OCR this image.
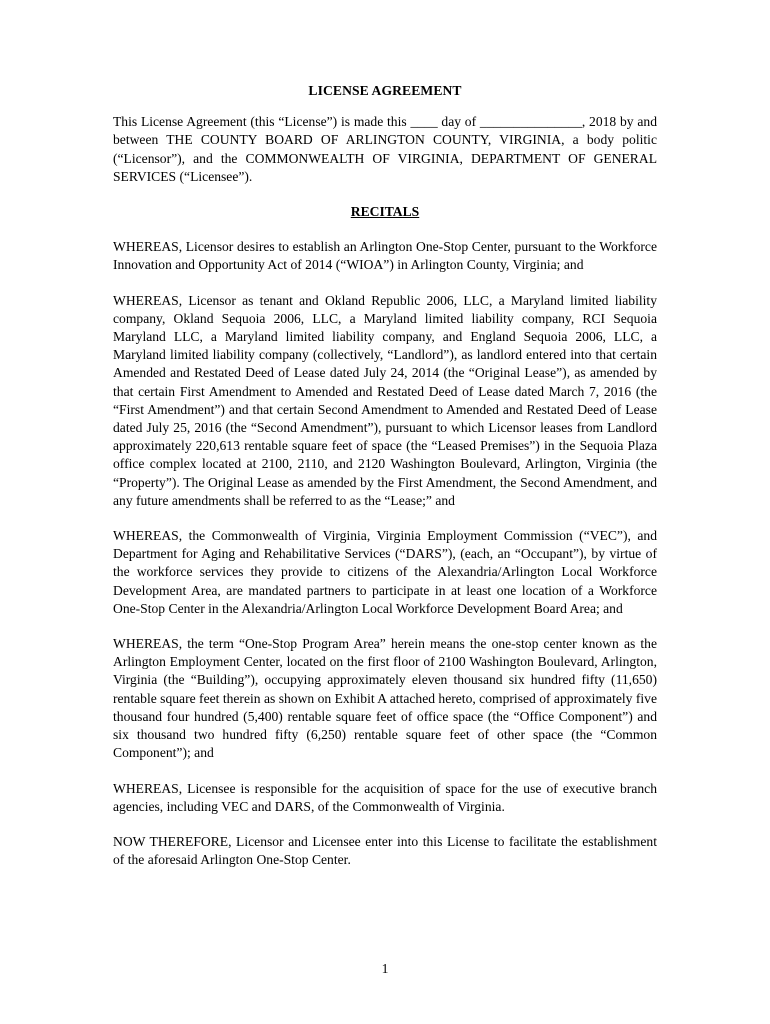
LICENSE AGREEMENT

This License Agreement (this “License”) is made this ____ day of _______________, 2018 by and between THE COUNTY BOARD OF ARLINGTON COUNTY, VIRGINIA, a body politic (“Licensor”), and the COMMONWEALTH OF VIRGINIA, DEPARTMENT OF GENERAL SERVICES (“Licensee”).

RECITALS

WHEREAS, Licensor desires to establish an Arlington One-Stop Center, pursuant to the Workforce Innovation and Opportunity Act of 2014 (“WIOA”) in Arlington County, Virginia; and

WHEREAS, Licensor as tenant and Okland Republic 2006, LLC, a Maryland limited liability company, Okland Sequoia 2006, LLC, a Maryland limited liability company, RCI Sequoia Maryland LLC, a Maryland limited liability company, and England Sequoia 2006, LLC, a Maryland limited liability company (collectively, “Landlord”), as landlord entered into that certain Amended and Restated Deed of Lease dated July 24, 2014 (the “Original Lease”), as amended by that certain First Amendment to Amended and Restated Deed of Lease dated March 7, 2016 (the “First Amendment”) and that certain Second Amendment to Amended and Restated Deed of Lease dated July 25, 2016 (the “Second Amendment”), pursuant to which Licensor leases from Landlord approximately 220,613 rentable square feet of space (the “Leased Premises”) in the Sequoia Plaza office complex located at 2100, 2110, and 2120 Washington Boulevard, Arlington, Virginia (the “Property”). The Original Lease as amended by the First Amendment, the Second Amendment, and any future amendments shall be referred to as the “Lease;” and

WHEREAS, the Commonwealth of Virginia, Virginia Employment Commission (“VEC”), and Department for Aging and Rehabilitative Services (“DARS”), (each, an “Occupant”), by virtue of the workforce services they provide to citizens of the Alexandria/Arlington Local Workforce Development Area, are mandated partners to participate in at least one location of a Workforce One-Stop Center in the Alexandria/Arlington Local Workforce Development Board Area; and

WHEREAS, the term “One-Stop Program Area” herein means the one-stop center known as the Arlington Employment Center, located on the first floor of 2100 Washington Boulevard, Arlington, Virginia (the “Building”), occupying approximately eleven thousand six hundred fifty (11,650) rentable square feet therein as shown on Exhibit A attached hereto, comprised of approximately five thousand four hundred (5,400) rentable square feet of office space (the “Office Component”) and six thousand two hundred fifty (6,250) rentable square feet of other space (the “Common Component”); and

WHEREAS, Licensee is responsible for the acquisition of space for the use of executive branch agencies, including VEC and DARS, of the Commonwealth of Virginia.

NOW THEREFORE, Licensor and Licensee enter into this License to facilitate the establishment of the aforesaid Arlington One-Stop Center.

1
